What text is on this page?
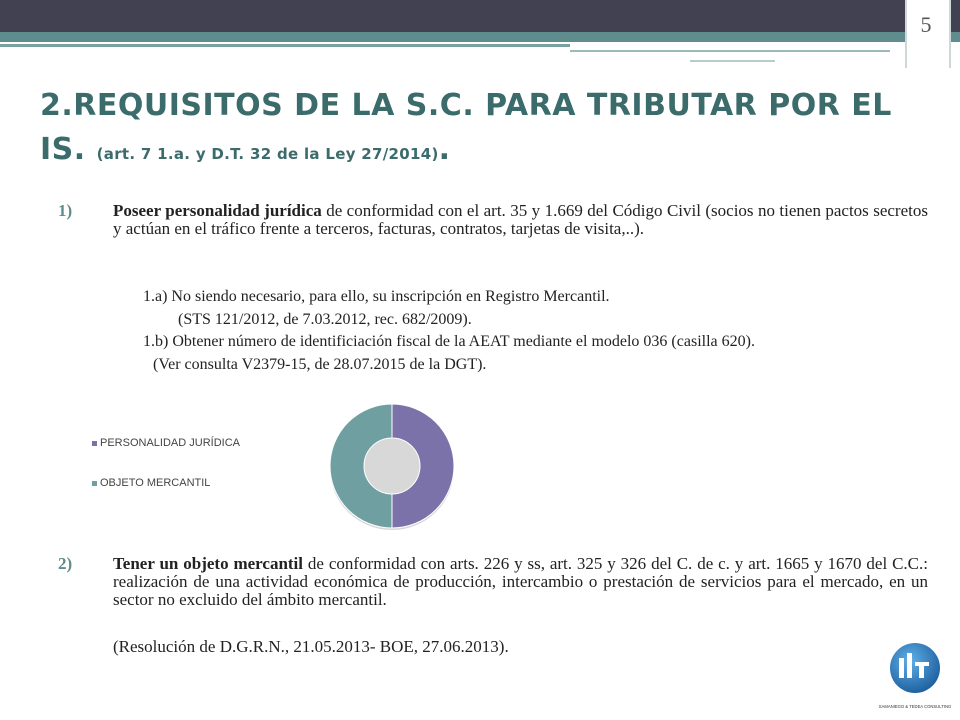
5
2.REQUISITOS DE LA S.C. PARA TRIBUTAR POR EL IS. (art. 7 1.a. y D.T. 32 de la Ley 27/2014).
1) Poseer personalidad jurídica de conformidad con el art. 35 y 1.669 del Código Civil (socios no tienen pactos secretos y actúan en el tráfico frente a terceros, facturas, contratos, tarjetas de visita,..).
1.a) No siendo necesario, para ello, su inscripción en Registro Mercantil.
(STS 121/2012, de 7.03.2012, rec. 682/2009).
1.b) Obtener número de identificiación fiscal de la AEAT mediante el modelo 036 (casilla 620).
(Ver consulta V2379-15, de 28.07.2015 de la DGT).
PERSONALIDAD JURÍDICA
OBJETO MERCANTIL
2) Tener un objeto mercantil de conformidad con arts. 226 y ss, art. 325 y 326 del C. de c. y art. 1665 y 1670 del C.C.: realización de una actividad económica de producción, intercambio o prestación de servicios para el mercado, en un sector no excluido del ámbito mercantil.
(Resolución de D.G.R.N., 21.05.2013- BOE, 27.06.2013).
SAMANIEGO & TEDEA CONSULTING
